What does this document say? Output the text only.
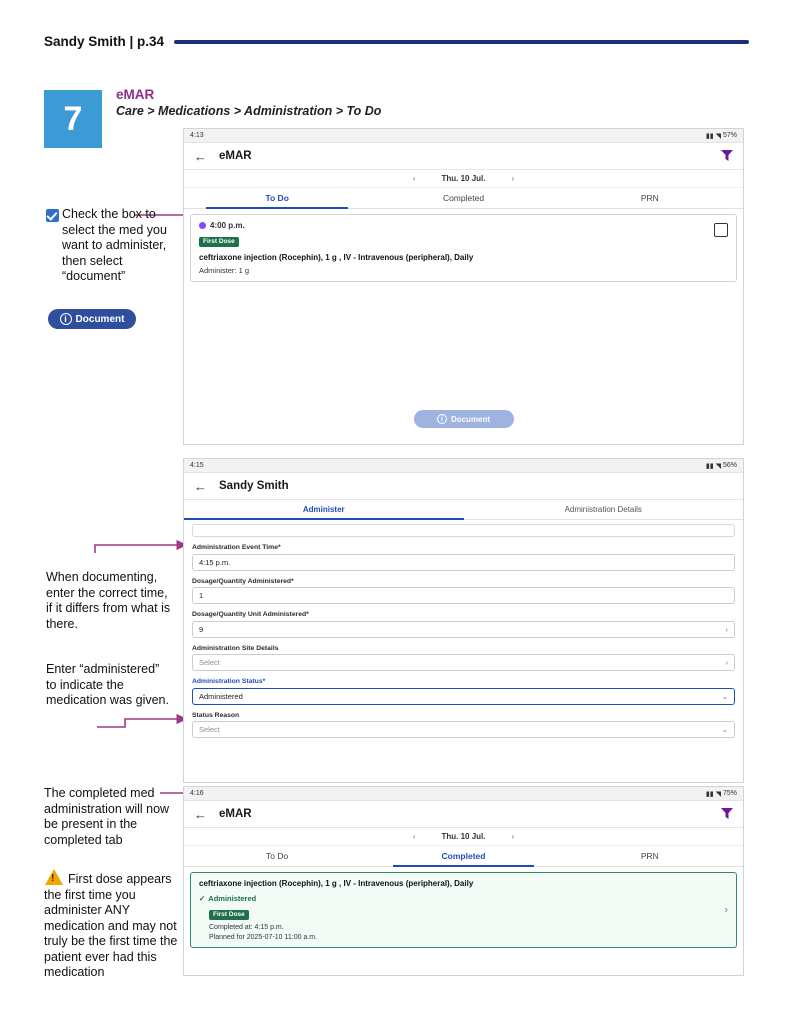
Sandy Smith | p.34
7
eMAR
Care > Medications > Administration > To Do
Check the box to select the med you want to administer, then select “document”
i Document
When documenting, enter the correct time, if it differs from what is there.
Enter “administered” to indicate the medication was given.
The completed med administration will now be present in the completed tab
!
First dose appears the first time you administer ANY medication and may not truly be the first time the patient ever had this medication
4:13	▮▮ ◥ 57%
← eMAR
‹	Thu. 10 Jul.	›
To Do	Completed	PRN
4:00 p.m.
First Dose
ceftriaxone injection (Rocephin), 1 g , IV - Intravenous (peripheral), Daily
Administer: 1 g
i	Document
4:15	▮▮ ◥ 56%
← Sandy Smith
Administer	Administration Details
Administration Event Time*
4:15 p.m.
Dosage/Quantity Administered*
1
Dosage/Quantity Unit Administered*
9	›
Administration Site Details
Select	›
Administration Status*
Administered	⌄
Status Reason
Select	⌄
4:16	▮▮ ◥ 75%
← eMAR
‹	Thu. 10 Jul.	›
To Do	Completed	PRN
ceftriaxone injection (Rocephin), 1 g , IV - Intravenous (peripheral), Daily
✓ Administered
First Dose
Completed at: 4:15 p.m.
Planned for 2025-07-10 11:00 a.m.
›
